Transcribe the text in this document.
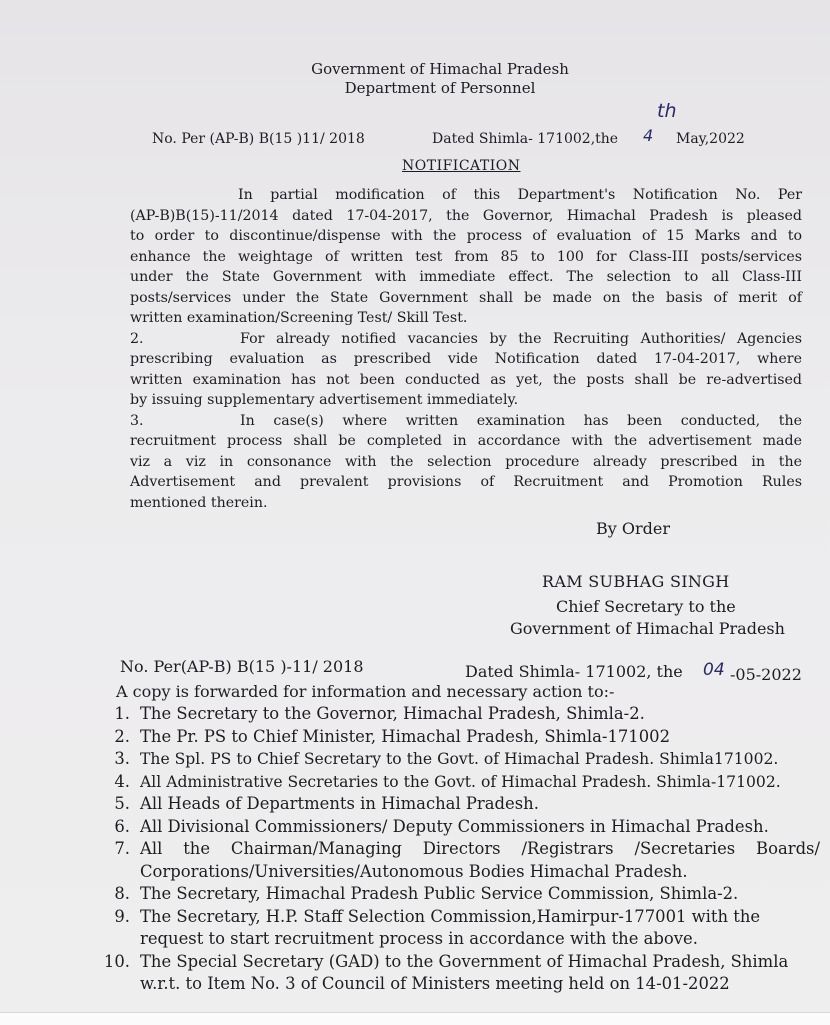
Government of Himachal Pradesh
Department of Personnel
No. Per (AP-B) B(15 )11/ 2018	Dated Shimla- 171002,the 4
th
May,2022
NOTIFICATION

In partial modification of this Department's Notification No. Per

(AP-B)B(15)-11/2014 dated 17-04-2017, the Governor, Himachal Pradesh is pleased

to order to discontinue/dispense with the process of evaluation of 15 Marks and to

enhance the weightage of written test from 85 to 100 for Class-III posts/services

under the State Government with immediate effect. The selection to all Class-III

posts/services under the State Government shall be made on the basis of merit of

written examination/Screening Test/ Skill Test.

2.	For already notified vacancies by the Recruiting Authorities/ Agencies

prescribing evaluation as prescribed vide Notification dated 17-04-2017, where

written examination has not been conducted as yet, the posts shall be re-advertised

by issuing supplementary advertisement immediately.

3.	In case(s) where written examination has been conducted, the

recruitment process shall be completed in accordance with the advertisement made

viz a viz in consonance with the selection procedure already prescribed in the

Advertisement and prevalent provisions of Recruitment and Promotion Rules

mentioned therein.

By Order
RAM SUBHAG SINGH
Chief Secretary to the
Government of Himachal Pradesh
No. Per(AP-B) B(15 )-11/ 2018	Dated Shimla- 171002, the 04 -05-2022
A copy is forwarded for information and necessary action to:-
1. The Secretary to the Governor, Himachal Pradesh, Shimla-2.
2. The Pr. PS to Chief Minister, Himachal Pradesh, Shimla-171002
3. The Spl. PS to Chief Secretary to the Govt. of Himachal Pradesh. Shimla171002.
4. All Administrative Secretaries to the Govt. of Himachal Pradesh. Shimla-171002.
5. All Heads of Departments in Himachal Pradesh.
6. All Divisional Commissioners/ Deputy Commissioners in Himachal Pradesh.
7. All the Chairman/Managing Directors /Registrars /Secretaries Boards/
Corporations/Universities/Autonomous Bodies Himachal Pradesh.
8. The Secretary, Himachal Pradesh Public Service Commission, Shimla-2.
9. The Secretary, H.P. Staff Selection Commission,Hamirpur-177001 with the
request to start recruitment process in accordance with the above.
10. The Special Secretary (GAD) to the Government of Himachal Pradesh, Shimla
w.r.t. to Item No. 3 of Council of Ministers meeting held on 14-01-2022
